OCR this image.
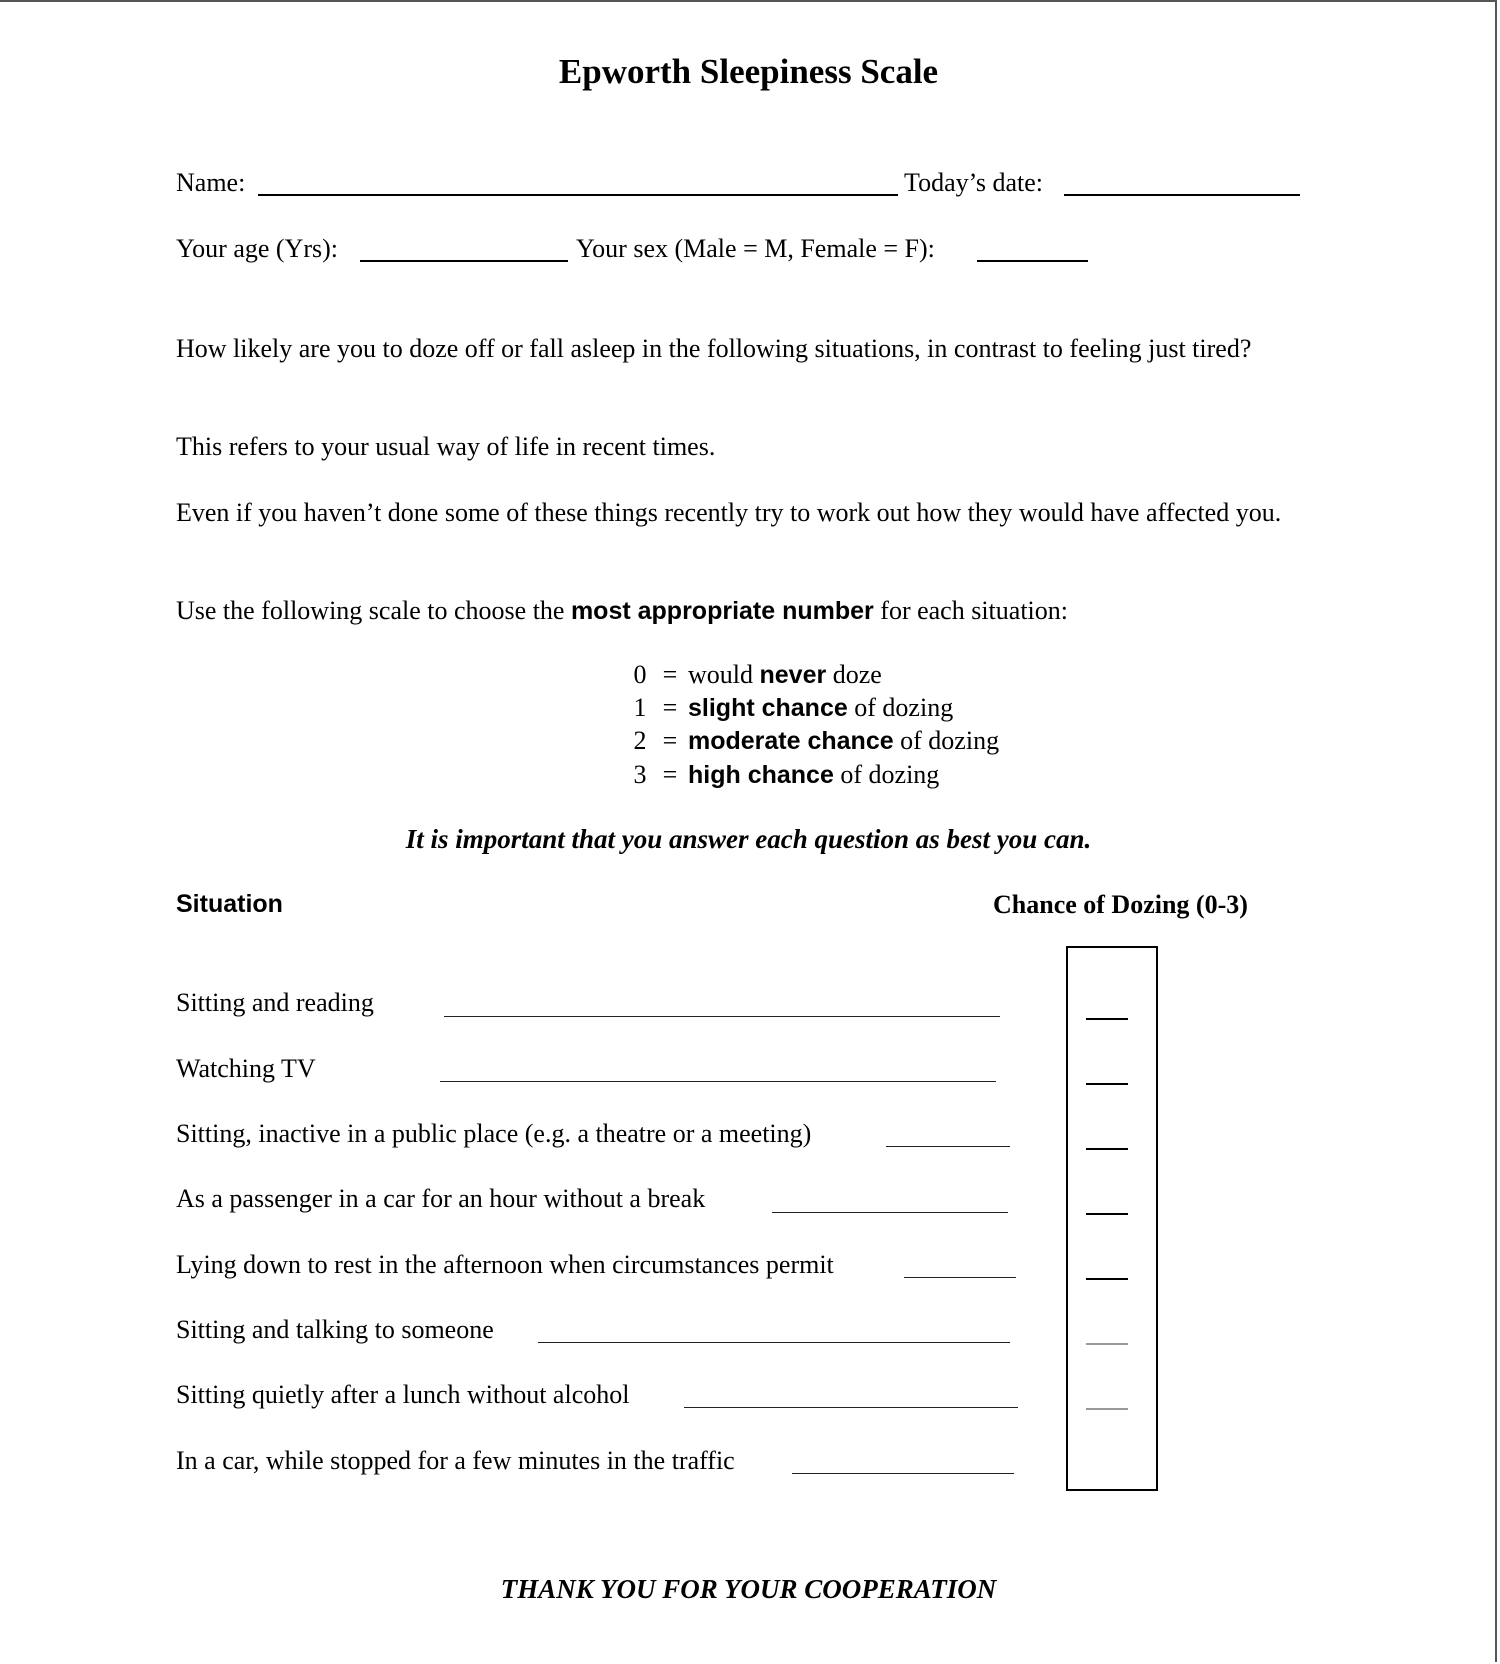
Epworth Sleepiness Scale
Name:	Today’s date:
Your age (Yrs):	Your sex (Male = M, Female = F):
How likely are you to doze off or fall asleep in the following situations, in contrast to feeling just tired?
This refers to your usual way of life in recent times.
Even if you haven’t done some of these things recently try to work out how they would have affected you.
Use the following scale to choose the most appropriate number for each situation:
0 = would never doze
1 = slight chance of dozing
2 = moderate chance of dozing
3 = high chance of dozing
It is important that you answer each question as best you can.
Situation	Chance of Dozing (0-3)
Sitting and reading
Watching TV
Sitting, inactive in a public place (e.g. a theatre or a meeting)
As a passenger in a car for an hour without a break
Lying down to rest in the afternoon when circumstances permit
Sitting and talking to someone
Sitting quietly after a lunch without alcohol
In a car, while stopped for a few minutes in the traffic
THANK YOU FOR YOUR COOPERATION
